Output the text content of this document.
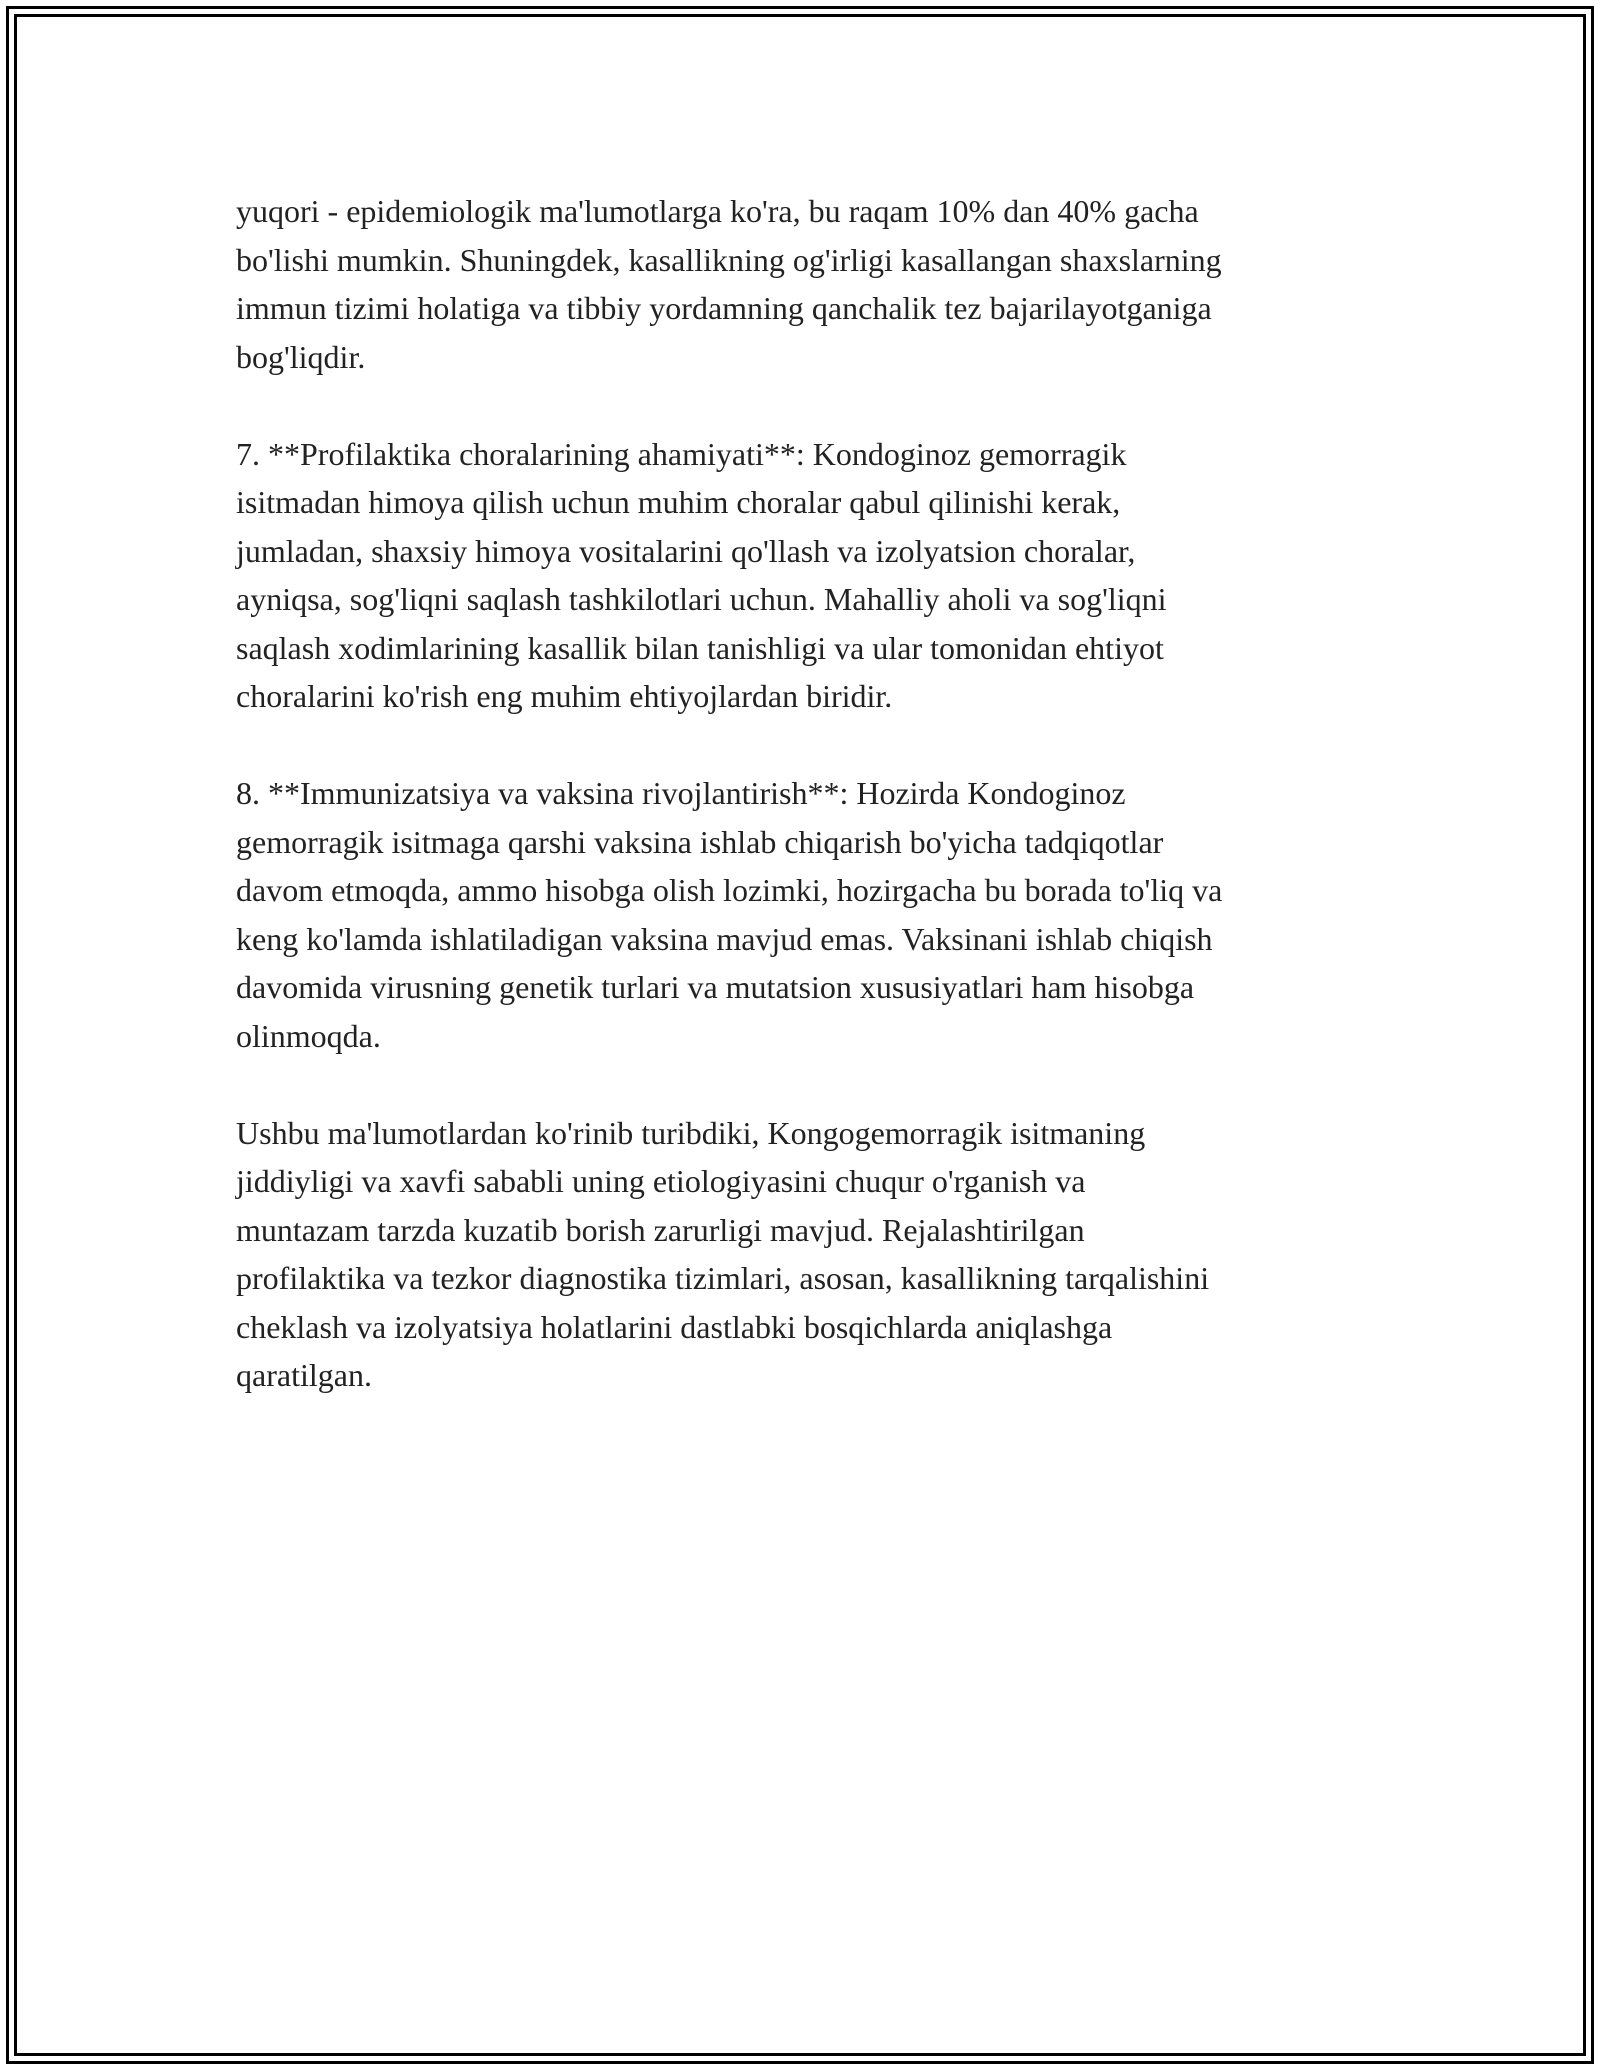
yuqori - epidemiologik ma'lumotlarga ko'ra, bu raqam 10% dan 40% gacha
bo'lishi mumkin. Shuningdek, kasallikning og'irligi kasallangan shaxslarning
immun tizimi holatiga va tibbiy yordamning qanchalik tez bajarilayotganiga
bog'liqdir.

7. **Profilaktika choralarining ahamiyati**: Kondoginoz gemorragik
isitmadan himoya qilish uchun muhim choralar qabul qilinishi kerak,
jumladan, shaxsiy himoya vositalarini qo'llash va izolyatsion choralar,
ayniqsa, sog'liqni saqlash tashkilotlari uchun. Mahalliy aholi va sog'liqni
saqlash xodimlarining kasallik bilan tanishligi va ular tomonidan ehtiyot
choralarini ko'rish eng muhim ehtiyojlardan biridir.

8. **Immunizatsiya va vaksina rivojlantirish**: Hozirda Kondoginoz
gemorragik isitmaga qarshi vaksina ishlab chiqarish bo'yicha tadqiqotlar
davom etmoqda, ammo hisobga olish lozimki, hozirgacha bu borada to'liq va
keng ko'lamda ishlatiladigan vaksina mavjud emas. Vaksinani ishlab chiqish
davomida virusning genetik turlari va mutatsion xususiyatlari ham hisobga
olinmoqda.

Ushbu ma'lumotlardan ko'rinib turibdiki, Kongogemorragik isitmaning
jiddiyligi va xavfi sababli uning etiologiyasini chuqur o'rganish va
muntazam tarzda kuzatib borish zarurligi mavjud. Rejalashtirilgan
profilaktika va tezkor diagnostika tizimlari, asosan, kasallikning tarqalishini
cheklash va izolyatsiya holatlarini dastlabki bosqichlarda aniqlashga
qaratilgan.
